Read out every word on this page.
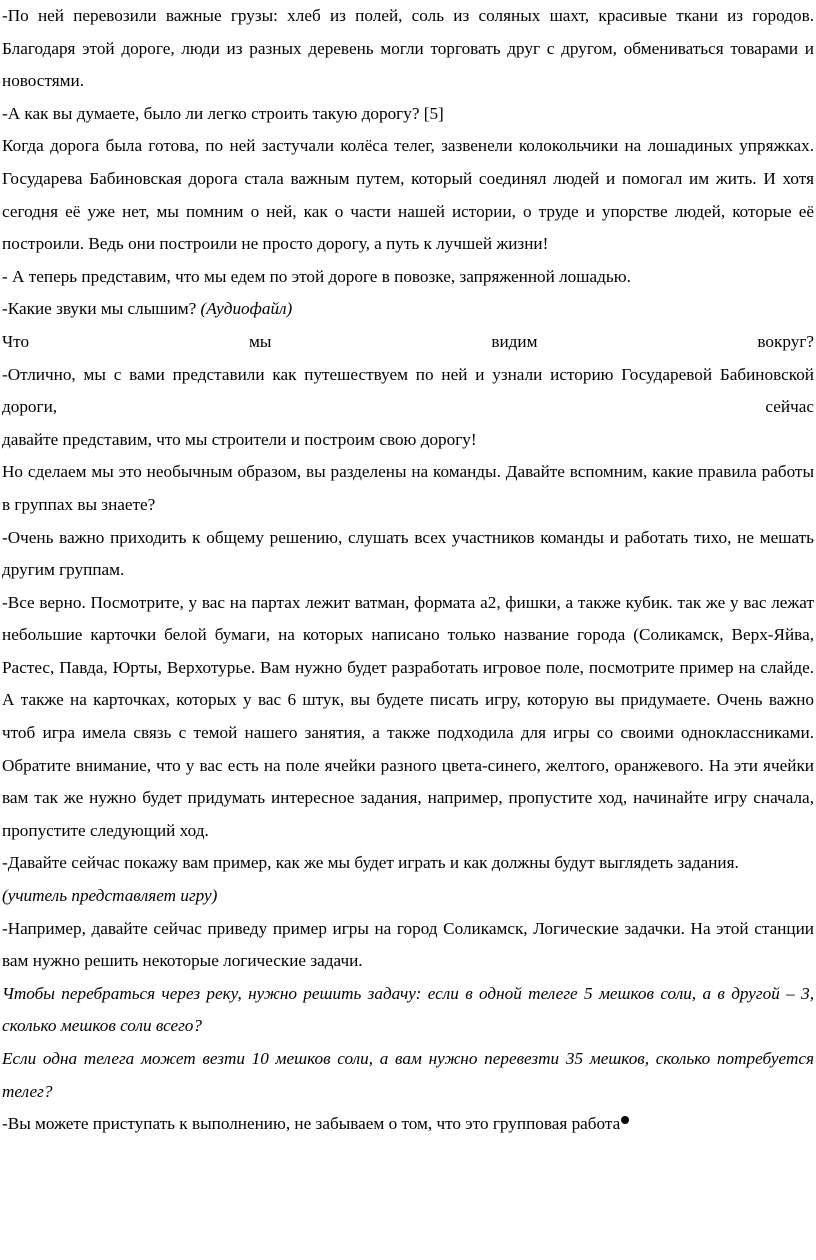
-По ней перевозили важные грузы: хлеб из полей, соль из соляных шахт, красивые ткани из городов. Благодаря этой дороге, люди из разных деревень могли торговать друг с другом, обмениваться товарами и новостями.

-А как вы думаете, было ли легко строить такую дорогу? [5]

Когда дорога была готова, по ней застучали колёса телег, зазвенели колокольчики на лошадиных упряжках. Государева Бабиновская дорога стала важным путем, который соединял людей и помогал им жить. И хотя сегодня её уже нет, мы помним о ней, как о части нашей истории, о труде и упорстве людей, которые её построили. Ведь они построили не просто дорогу, а путь к лучшей жизни!

- А теперь представим, что мы едем по этой дороге в повозке, запряженной лошадью.

-Какие звуки мы слышим? (Аудиофайл)

Что мы видим вокруг?

-Отлично, мы с вами представили как путешествуем по ней и узнали историю Государевой Бабиновской дороги, сейчас

давайте представим, что мы строители и построим свою дорогу!

Но сделаем мы это необычным образом, вы разделены на команды. Давайте вспомним, какие правила работы в группах вы знаете?

-Очень важно приходить к общему решению, слушать всех участников команды и работать тихо, не мешать другим группам.

-Все верно. Посмотрите, у вас на партах лежит ватман, формата а2, фишки, а также кубик. так же у вас лежат небольшие карточки белой бумаги, на которых написано только название города (Соликамск, Верх-Яйва, Растес, Павда, Юрты, Верхотурье. Вам нужно будет разработать игровое поле, посмотрите пример на слайде. А также на карточках, которых у вас 6 штук, вы будете писать игру, которую вы придумаете. Очень важно чтоб игра имела связь с темой нашего занятия, а также подходила для игры со своими одноклассниками. Обратите внимание, что у вас есть на поле ячейки разного цвета-синего, желтого, оранжевого. На эти ячейки вам так же нужно будет придумать интересное задания, например, пропустите ход, начинайте игру сначала, пропустите следующий ход.

-Давайте сейчас покажу вам пример, как же мы будет играть и как должны будут выглядеть задания.

(учитель представляет игру)

-Например, давайте сейчас приведу пример игры на город Соликамск, Логические задачки. На этой станции вам нужно решить некоторые логические задачи.

Чтобы перебраться через реку, нужно решить задачу: если в одной телеге 5 мешков соли, а в другой – 3, сколько мешков соли всего?

Если одна телега может везти 10 мешков соли, а вам нужно перевезти 35 мешков, сколько потребуется телег?

-Вы можете приступать к выполнению, не забываем о том, что это групповая работа
